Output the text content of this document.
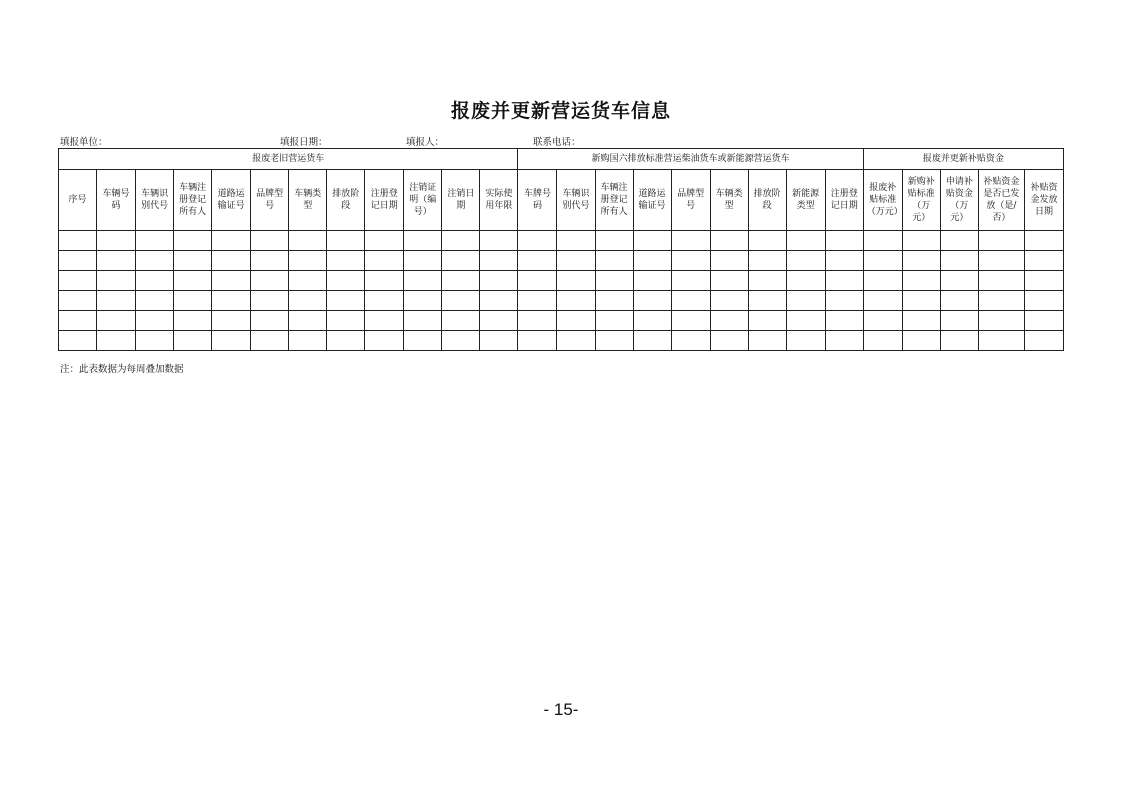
报废并更新营运货车信息
填报单位：	填报日期：	填报人：	联系电话：
报废老旧营运货车												新购国六排放标准营运柴油货车或新能源营运货车									报废并更新补贴资金				

序号	车辆号码	车辆识别代号	车辆注册登记所有人	道路运输证号	品牌型号	车辆类型	排放阶段	注册登记日期	注销证明（编号）	注销日期	实际使用年限	车牌号码	车辆识别代号	车辆注册登记所有人	道路运输证号	品牌型号	车辆类型	排放阶段	新能源类型	注册登记日期	报废补贴标准（万元）	新购补贴标准（万元）	申请补贴资金（万元）	补贴资金是否已发放（是/否）	补贴资金发放日期

注：此表数据为每周叠加数据
- 15-
